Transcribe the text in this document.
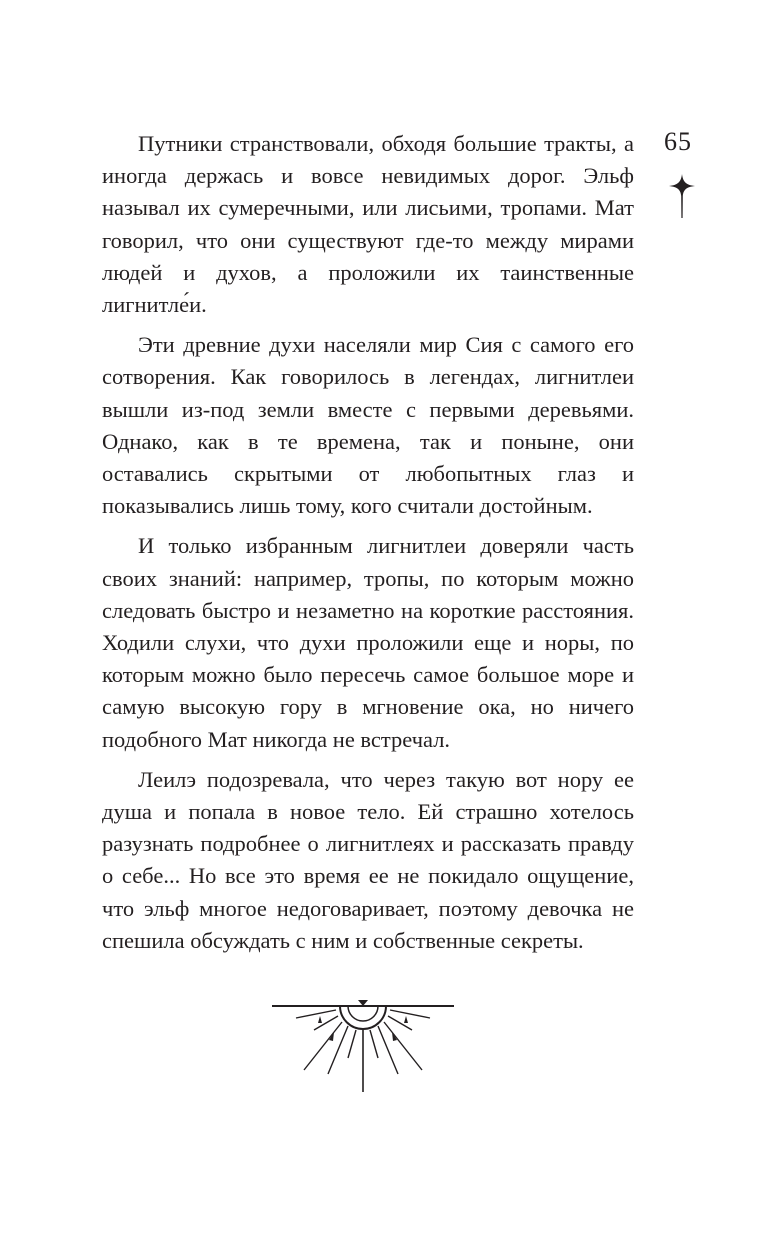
Путники странствовали, обходя большие тракты, а иногда держась и вовсе невидимых дорог. Эльф называл их сумеречными, или лисьими, тропами. Мат говорил, что они существуют где-то между мирами людей и духов, а проложили их таинственные лигнитле́и.

Эти древние духи населяли мир Сия с самого его сотворения. Как говорилось в легендах, лигнитлеи вышли из-под земли вместе с первыми деревьями. Однако, как в те времена, так и поныне, они оставались скрытыми от любопытных глаз и показывались лишь тому, кого считали достойным.

И только избранным лигнитлеи доверяли часть своих знаний: например, тропы, по которым можно следовать быстро и незаметно на короткие расстояния. Ходили слухи, что духи проложили еще и норы, по которым можно было пересечь самое большое море и самую высокую гору в мгновение ока, но ничего подобного Мат никогда не встречал.

Леилэ подозревала, что через такую вот нору ее душа и попала в новое тело. Ей страшно хотелось разузнать подробнее о лигнитлеях и рассказать правду о себе... Но все это время ее не покидало ощущение, что эльф многое недоговаривает, поэтому девочка не спешила обсуждать с ним и собственные секреты.

65
